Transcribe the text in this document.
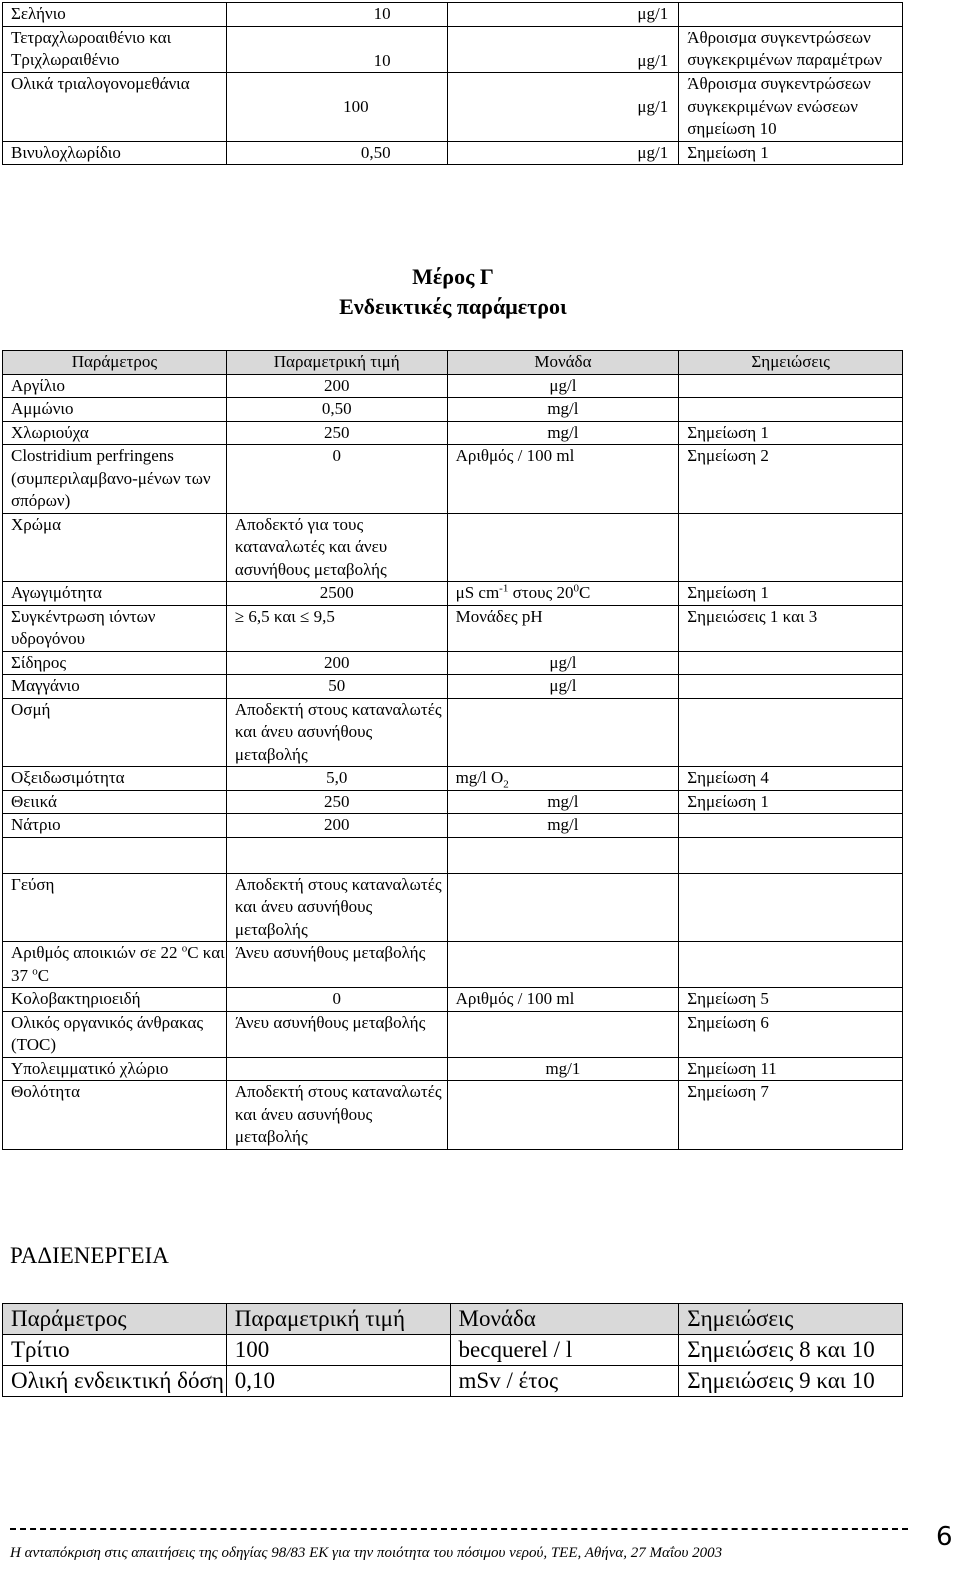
Σελήνιο	10	μg/1	
Τετραχλωροαιθένιο και Τριχλωραιθένιο	10	μg/1	Άθροισμα συγκεντρώσεων συγκεκριμένων παραμέτρων
Ολικά τριαλογονομεθάνια	100	μg/1	Άθροισμα συγκεντρώσεων συγκεκριμένων ενώσεων σημείωση 10
Βινυλοχλωρίδιο	0,50	μg/1	Σημείωση 1
Μέρος Γ
Ενδεικτικές παράμετροι
Παράμετρος	Παραμετρική τιμή	Μονάδα	Σημειώσεις
Αργίλιο	200	μg/l	
Αμμώνιο	0,50	mg/l	
Χλωριούχα	250	mg/l	Σημείωση 1
Clostridium perfringens (συμπεριλαμβανο-μένων των σπόρων)	0	Αριθμός / 100 ml	Σημείωση 2
Χρώμα	Αποδεκτό για τους καταναλωτές και άνευ ασυνήθους μεταβολής		
Αγωγιμότητα	2500	μS $cm^{-1}$ στους $20^0C$	Σημείωση 1
Συγκέντρωση ιόντων υδρογόνου	≥ 6,5 και ≤ 9,5	Μονάδες pH	Σημειώσεις 1 και 3
Σίδηρος	200	μg/l	
Μαγγάνιο	50	μg/l	
Οσμή	Αποδεκτή στους καταναλωτές και άνευ ασυνήθους μεταβολής		
Οξειδωσιμότητα	5,0	mg/l $O_2$	Σημείωση 4
Θειικά	250	mg/l	Σημείωση 1
Νάτριο	200	mg/l	

Γεύση	Αποδεκτή στους καταναλωτές και άνευ ασυνήθους μεταβολής		
Αριθμός αποικιών σε 22 $^o$C και 37 $^o$C	Άνευ ασυνήθους μεταβολής		
Κολοβακτηριοειδή	0	Αριθμός / 100 ml	Σημείωση 5
Ολικός οργανικός άνθρακας (TOC)	Άνευ ασυνήθους μεταβολής		Σημείωση 6
Υπολειμματικό χλώριο		mg/1	Σημείωση 11
Θολότητα	Αποδεκτή στους καταναλωτές και άνευ ασυνήθους μεταβολής		Σημείωση 7
ΡΑΔΙΕΝΕΡΓΕΙΑ
Παράμετρος	Παραμετρική τιμή	Μονάδα	Σημειώσεις
Τρίτιο	100	becquerel / l	Σημειώσεις 8 και 10
Ολική ενδεικτική δόση	0,10	mSv / έτος	Σημειώσεις 9 και 10
Η ανταπόκριση στις απαιτήσεις της οδηγίας 98/83 ΕΚ για την ποιότητα του πόσιμου νερού, ΤΕΕ, Αθήνα, 27 Μαΐου 2003
6
